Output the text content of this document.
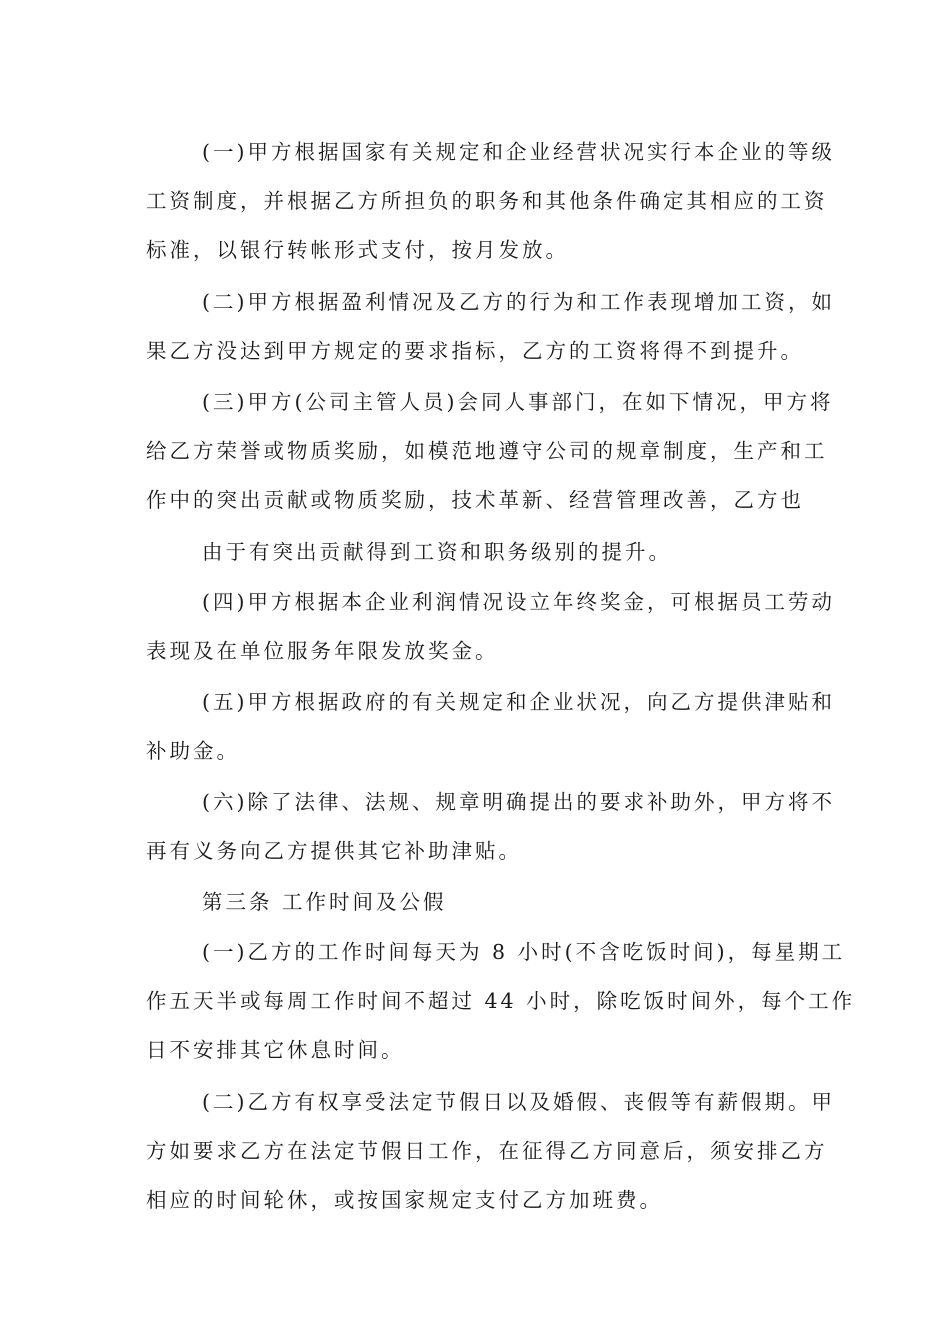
(一)甲方根据国家有关规定和企业经营状况实行本企业的等级
工资制度，并根据乙方所担负的职务和其他条件确定其相应的工资
标准，以银行转帐形式支付，按月发放。
(二)甲方根据盈利情况及乙方的行为和工作表现增加工资，如
果乙方没达到甲方规定的要求指标，乙方的工资将得不到提升。
(三)甲方(公司主管人员)会同人事部门，在如下情况，甲方将
给乙方荣誉或物质奖励，如模范地遵守公司的规章制度，生产和工
作中的突出贡献或物质奖励，技术革新、经营管理改善，乙方也
由于有突出贡献得到工资和职务级别的提升。
(四)甲方根据本企业利润情况设立年终奖金，可根据员工劳动
表现及在单位服务年限发放奖金。
(五)甲方根据政府的有关规定和企业状况，向乙方提供津贴和
补助金。
(六)除了法律、法规、规章明确提出的要求补助外，甲方将不
再有义务向乙方提供其它补助津贴。
第三条 工作时间及公假
(一)乙方的工作时间每天为 8 小时(不含吃饭时间)，每星期工
作五天半或每周工作时间不超过 44 小时，除吃饭时间外，每个工作
日不安排其它休息时间。
(二)乙方有权享受法定节假日以及婚假、丧假等有薪假期。甲
方如要求乙方在法定节假日工作，在征得乙方同意后，须安排乙方
相应的时间轮休，或按国家规定支付乙方加班费。
